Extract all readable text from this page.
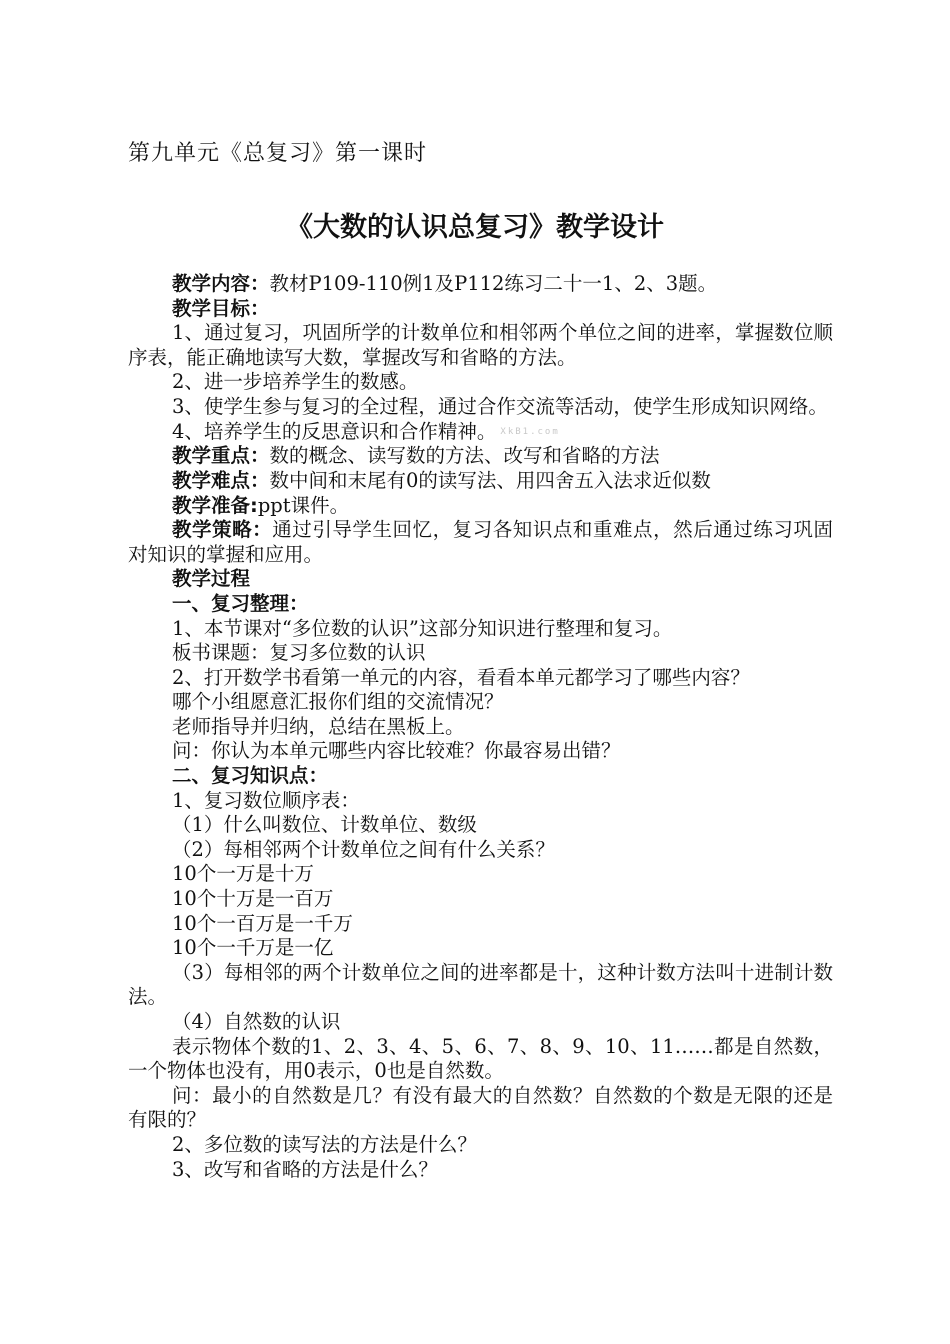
第九单元《总复习》第一课时
《大数的认识总复习》教学设计

教学内容：教材P109-110例1及P112练习二十一1、2、3题。

教学目标：

1、通过复习，巩固所学的计数单位和相邻两个单位之间的进率，掌握数位顺序表，能正确地读写大数，掌握改写和省略的方法。

2、进一步培养学生的数感。

3、使学生参与复习的全过程，通过合作交流等活动，使学生形成知识网络。

4、培养学生的反思意识和合作精神。 XkB1.com

教学重点：数的概念、读写数的方法、改写和省略的方法

教学难点：数中间和末尾有0的读写法、用四舍五入法求近似数

教学准备:ppt课件。

教学策略：通过引导学生回忆，复习各知识点和重难点，然后通过练习巩固对知识的掌握和应用。

教学过程

一、复习整理：

1、本节课对“多位数的认识”这部分知识进行整理和复习。

板书课题：复习多位数的认识

2、打开数学书看第一单元的内容，看看本单元都学习了哪些内容？

哪个小组愿意汇报你们组的交流情况？

老师指导并归纳，总结在黑板上。

问：你认为本单元哪些内容比较难？你最容易出错？

二、复习知识点：

1、复习数位顺序表：

（1）什么叫数位、计数单位、数级

（2）每相邻两个计数单位之间有什么关系？

10个一万是十万

10个十万是一百万

10个一百万是一千万

10个一千万是一亿

（3）每相邻的两个计数单位之间的进率都是十，这种计数方法叫十进制计数法。

（4）自然数的认识

表示物体个数的1、2、3、4、5、6、7、8、9、10、11……都是自然数，一个物体也没有，用0表示，0也是自然数。

问：最小的自然数是几？有没有最大的自然数？自然数的个数是无限的还是有限的？

2、多位数的读写法的方法是什么？

3、改写和省略的方法是什么？
